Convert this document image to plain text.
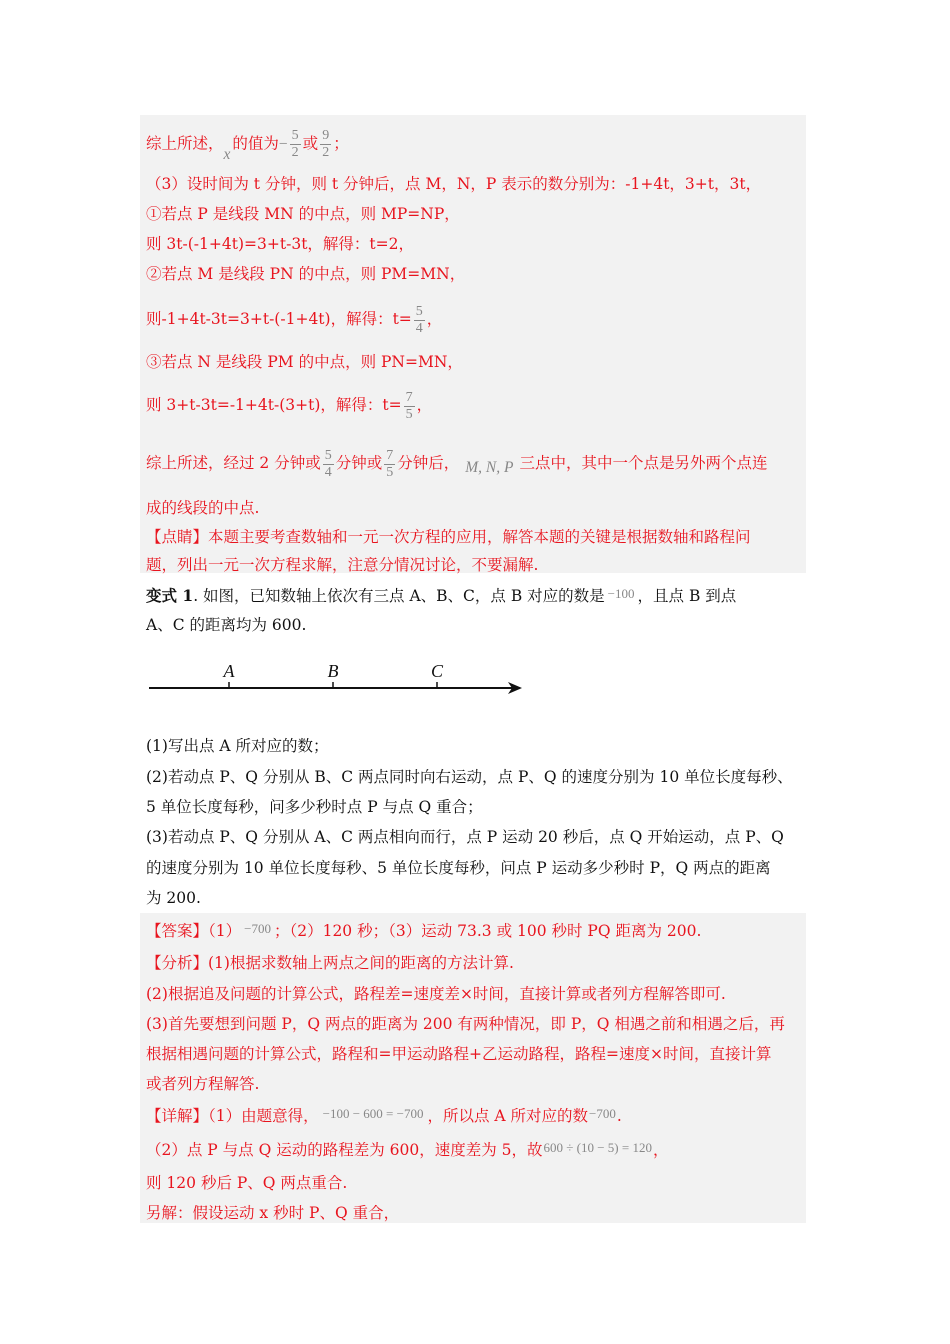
综上所述，x的值为− $\frac{5}{2}$ 或 $\frac{9}{2}$ ；
（3）设时间为 t 分钟，则 t 分钟后，点 M，N，P 表示的数分别为：-1+4t，3+t，3t，
①若点 P 是线段 MN 的中点，则 MP=NP，
则 3t-(-1+4t)=3+t-3t，解得：t=2，
②若点 M 是线段 PN 的中点，则 PM=MN，
则-1+4t-3t=3+t-(-1+4t)，解得：$t= \frac{5}{4}$ ，
③若点 N 是线段 PM 的中点，则 PN=MN，
则 3+t-3t=-1+4t-(3+t)，解得：$t= \frac{7}{5}$ ，
综上所述，经过 2 分钟或 $\frac{5}{4}$ 分钟或 $\frac{7}{5}$ 分钟后， M, N, P 三点中，其中一个点是另外两个点连
成的线段的中点.
【点睛】本题主要考查数轴和一元一次方程的应用，解答本题的关键是根据数轴和路程问
题，列出一元一次方程求解，注意分情况讨论，不要漏解.
变式 1. 如图，已知数轴上依次有三点 A、B、C，点 B 对应的数是 −100 ，且点 B 到点
A、C 的距离均为 600.
A	B	C
(1)写出点 A 所对应的数；
(2)若动点 P、Q 分别从 B、C 两点同时向右运动，点 P、Q 的速度分别为 10 单位长度每秒、
5 单位长度每秒，问多少秒时点 P 与点 Q 重合；
(3)若动点 P、Q 分别从 A、C 两点相向而行，点 P 运动 20 秒后，点 Q 开始运动，点 P、Q
的速度分别为 10 单位长度每秒、5 单位长度每秒，问点 P 运动多少秒时 P，Q 两点的距离
为 200.
【答案】（1） −700 ；（2）120 秒；（3）运动 73.3 或 100 秒时 PQ 距离为 200.
【分析】(1)根据求数轴上两点之间的距离的方法计算.
(2)根据追及问题的计算公式，路程差=速度差×时间，直接计算或者列方程解答即可.
(3)首先要想到问题 P，Q 两点的距离为 200 有两种情况，即 P，Q 相遇之前和相遇之后，再
根据相遇问题的计算公式，路程和=甲运动路程+乙运动路程，路程=速度×时间，直接计算
或者列方程解答.
【详解】（1）由题意得， −100 − 600 = −700 ，所以点 A 所对应的数−700.
（2）点 P 与点 Q 运动的路程差为 600，速度差为 5，故600 ÷ (10 − 5) = 120，
则 120 秒后 P、Q 两点重合.
另解：假设运动 x 秒时 P、Q 重合，
